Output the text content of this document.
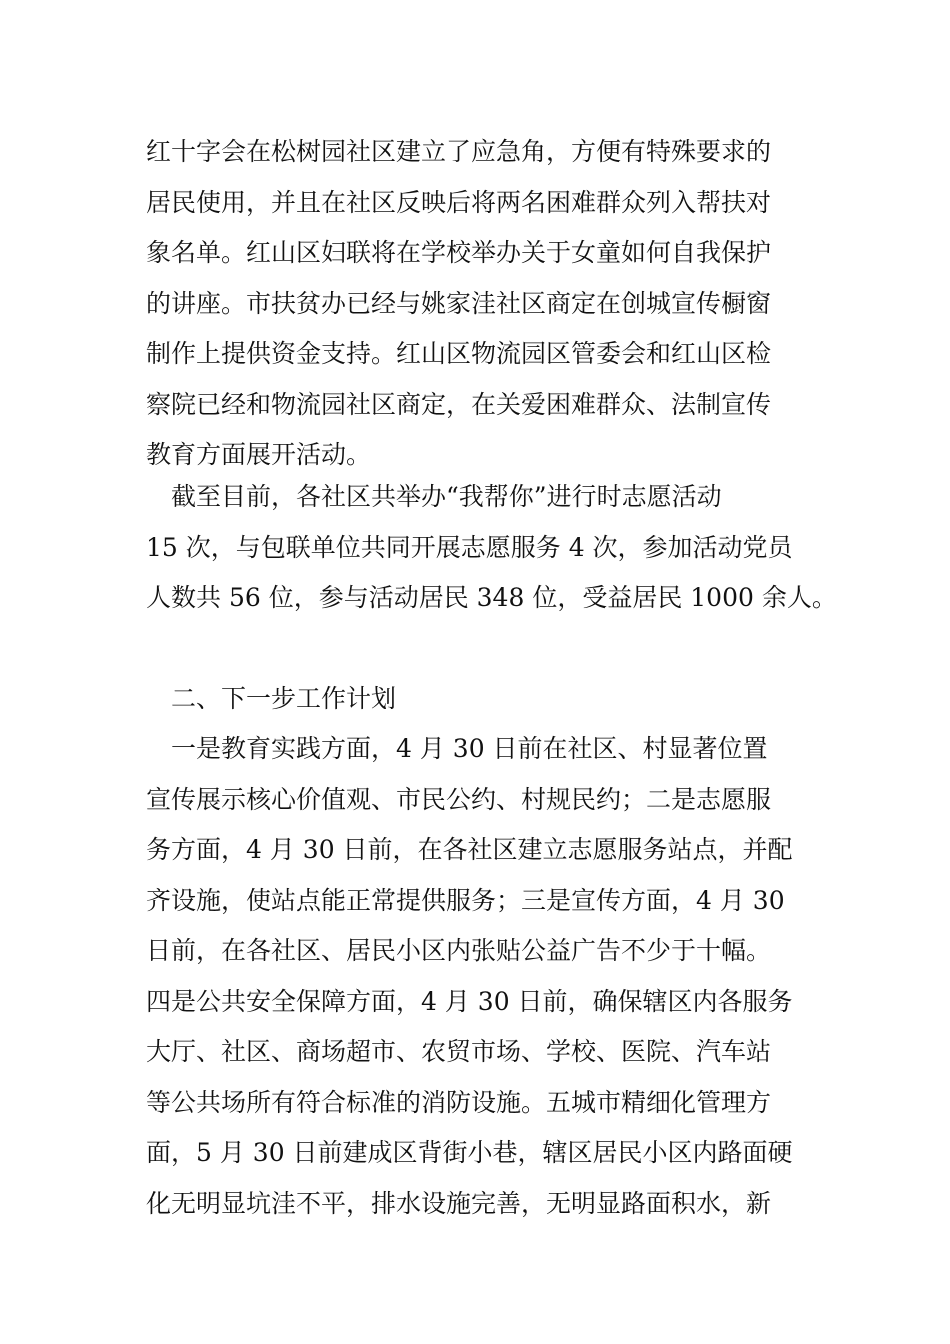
红十字会在松树园社区建立了应急角，方便有特殊要求的
居民使用，并且在社区反映后将两名困难群众列入帮扶对
象名单。红山区妇联将在学校举办关于女童如何自我保护
的讲座。市扶贫办已经与姚家洼社区商定在创城宣传橱窗
制作上提供资金支持。红山区物流园区管委会和红山区检
察院已经和物流园社区商定，在关爱困难群众、法制宣传
教育方面展开活动。
　截至目前，各社区共举办“我帮你”进行时志愿活动
15 次，与包联单位共同开展志愿服务 4 次，参加活动党员
人数共 56 位，参与活动居民 348 位，受益居民 1000 余人。
　二、下一步工作计划
　一是教育实践方面，4 月 30 日前在社区、村显著位置
宣传展示核心价值观、市民公约、村规民约；二是志愿服
务方面，4 月 30 日前，在各社区建立志愿服务站点，并配
齐设施，使站点能正常提供服务；三是宣传方面，4 月 30
日前，在各社区、居民小区内张贴公益广告不少于十幅。
四是公共安全保障方面，4 月 30 日前，确保辖区内各服务
大厅、社区、商场超市、农贸市场、学校、医院、汽车站
等公共场所有符合标准的消防设施。五城市精细化管理方
面，5 月 30 日前建成区背街小巷，辖区居民小区内路面硬
化无明显坑洼不平，排水设施完善，无明显路面积水，新
